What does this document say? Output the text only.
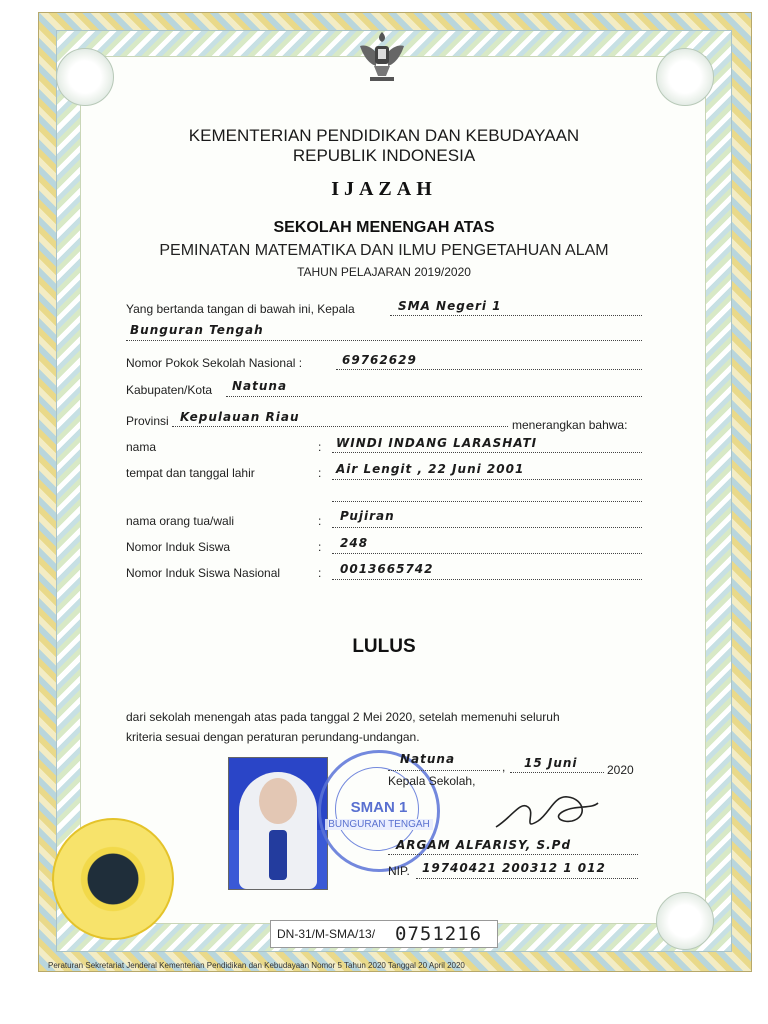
KEMENTERIAN PENDIDIKAN DAN KEBUDAYAAN
REPUBLIK INDONESIA
IJAZAH
SEKOLAH MENENGAH ATAS
PEMINATAN MATEMATIKA DAN ILMU PENGETAHUAN ALAM
TAHUN PELAJARAN 2019/2020
Yang bertanda tangan di bawah ini, Kepala	SMA Negeri 1
Bunguran Tengah
Nomor Pokok Sekolah Nasional :	69762629
Kabupaten/Kota Natuna
Provinsi Kepulauan Riau
menerangkan bahwa:
nama	: WINDI INDANG LARASHATI
tempat dan tanggal lahir	: Air Lengit , 22 Juni 2001
nama orang tua/wali	: Pujiran
Nomor Induk Siswa	: 248
Nomor Induk Siswa Nasional	: 0013665742
LULUS
dari sekolah menengah atas pada tanggal 2 Mei 2020, setelah memenuhi seluruh
kriteria sesuai dengan peraturan perundang-undangan.
SMAN 1
BUNGURAN TENGAH
Natuna
, 15 Juni 2020
Kepala Sekolah,
ARGAM ALFARISY, S.Pd
NIP. 19740421 200312 1 012
DN-31/M-SMA/13/ 0751216
Peraturan Sekretariat Jenderal Kementerian Pendidikan dan Kebudayaan Nomor 5 Tahun 2020 Tanggal 20 April 2020
